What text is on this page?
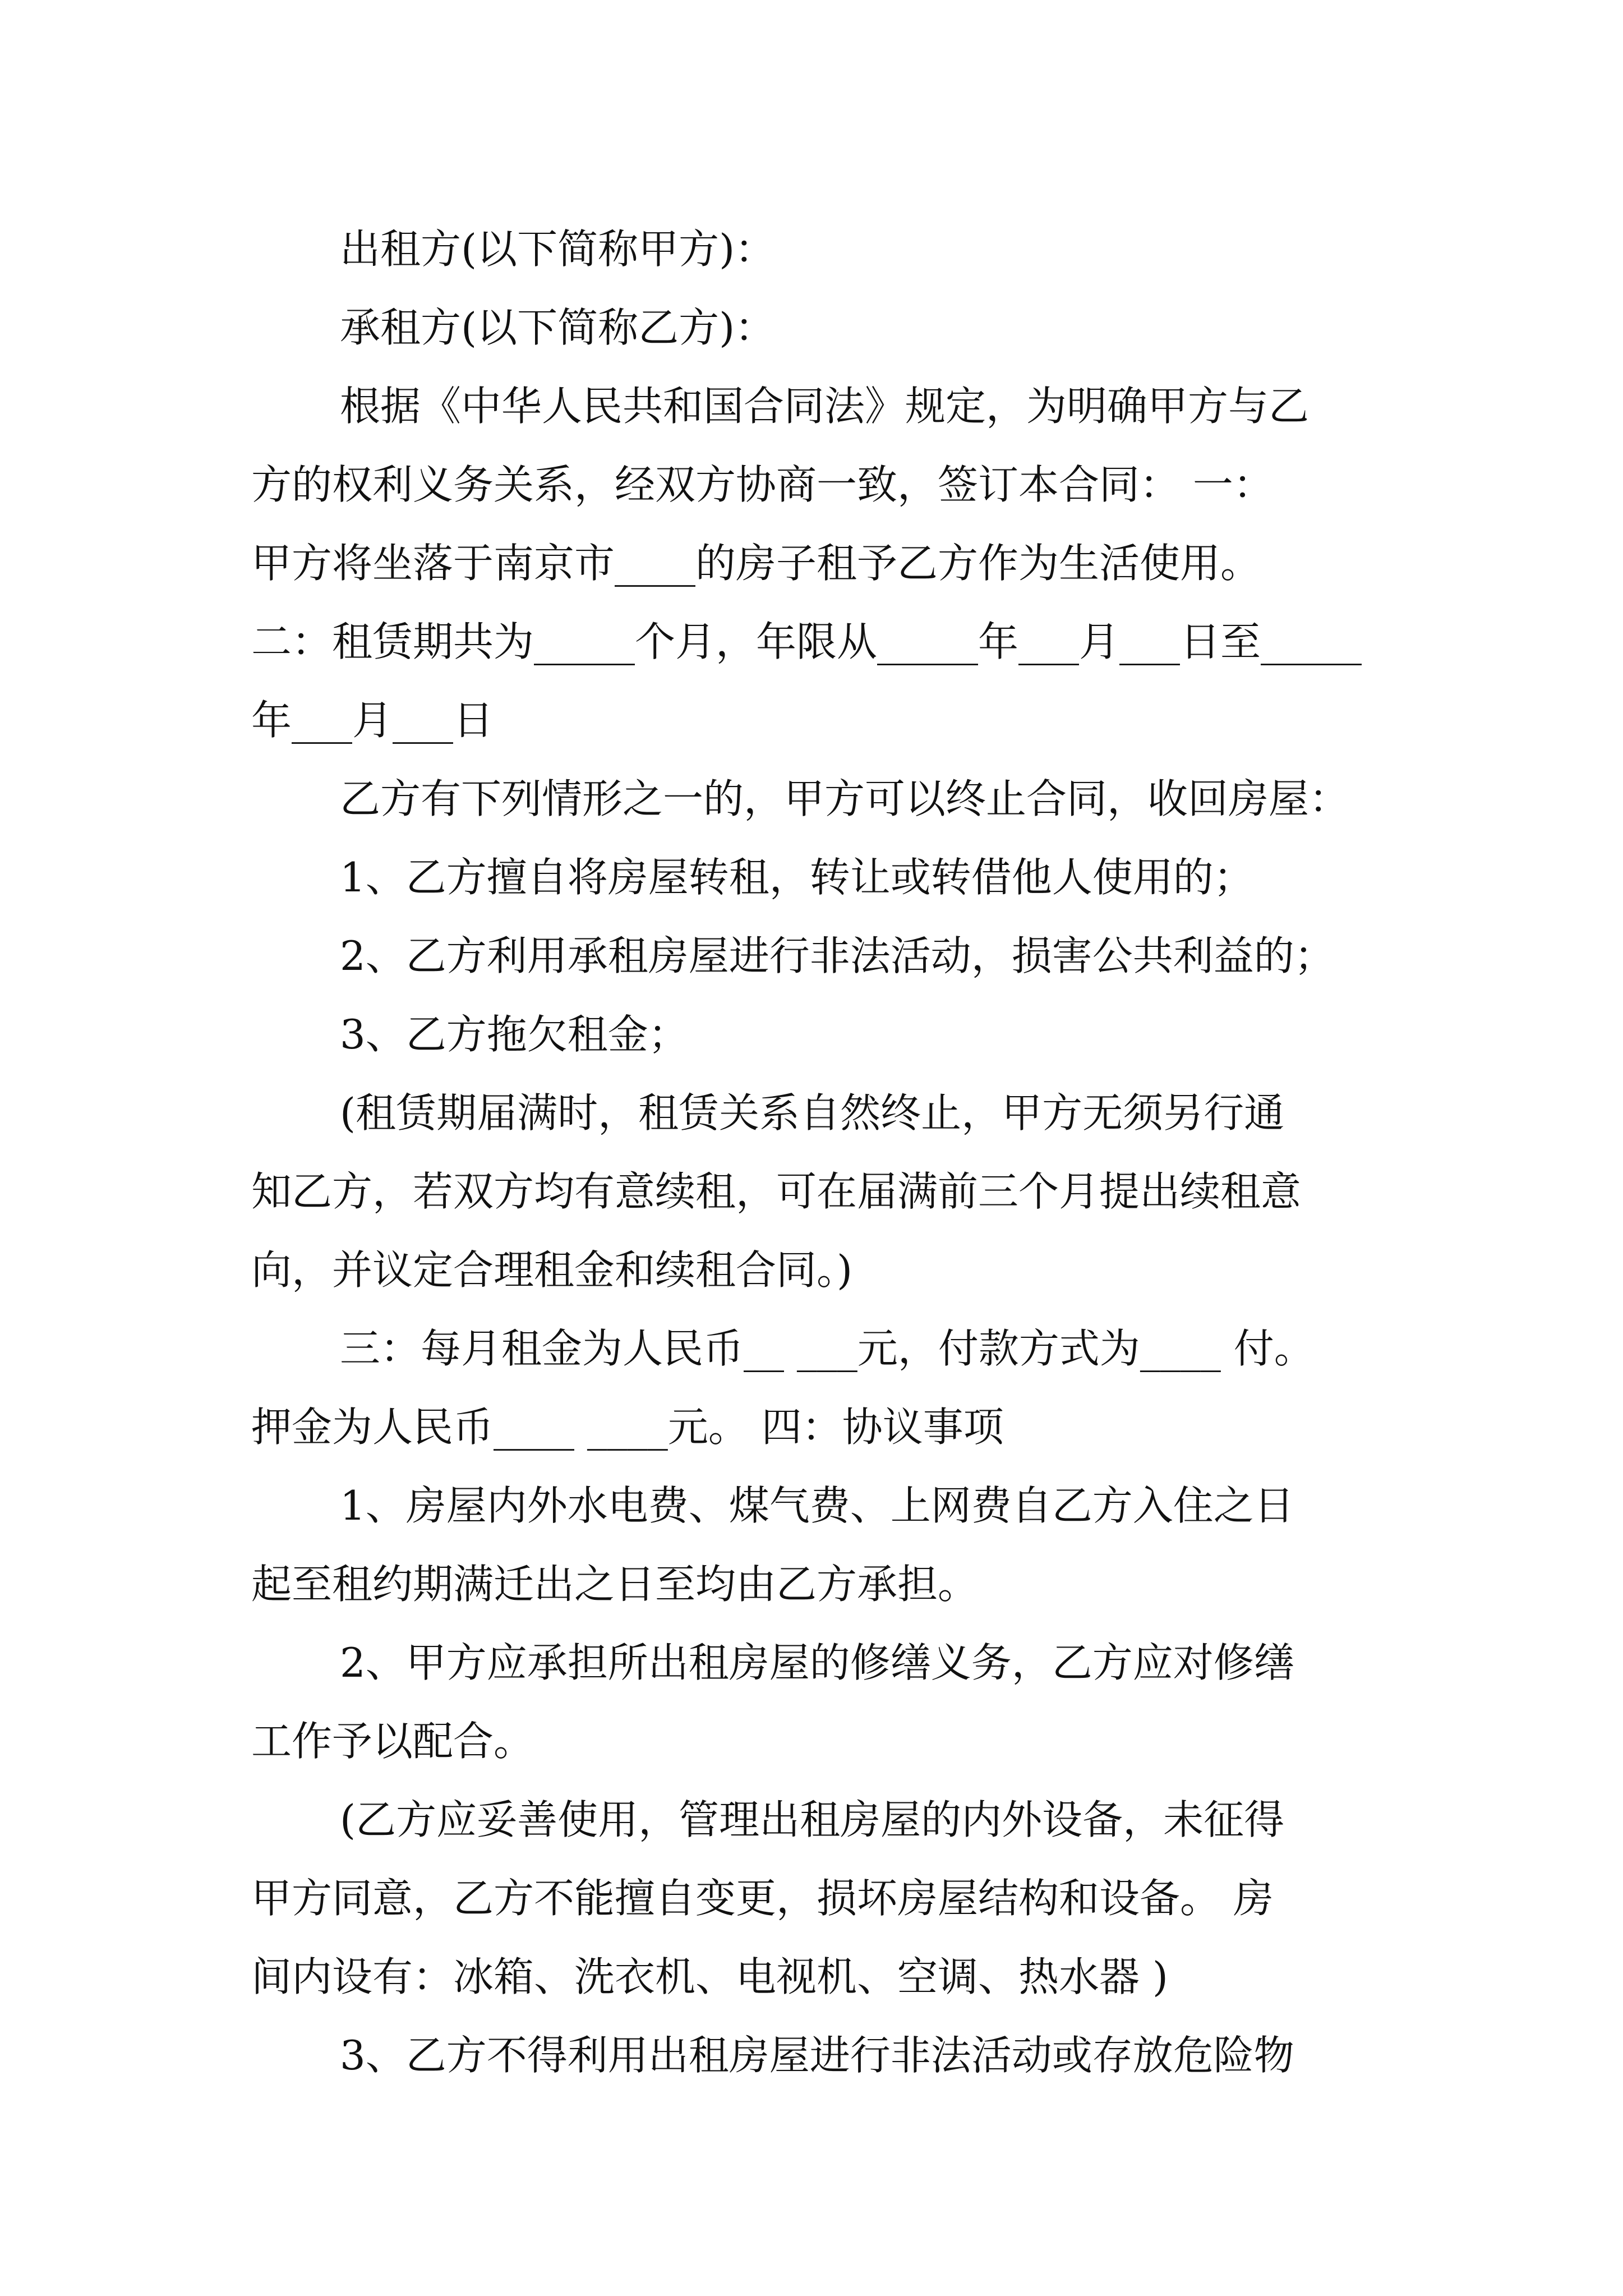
出租方(以下简称甲方)：
承租方(以下简称乙方)：
根据《中华人民共和国合同法》规定，为明确甲方与乙
方的权利义务关系，经双方协商一致，签订本合同： 一：
甲方将坐落于南京市____的房子租予乙方作为生活使用。
二：租赁期共为_____个月，年限从_____年___月___日至_____
年___月___日
乙方有下列情形之一的，甲方可以终止合同，收回房屋：
1、乙方擅自将房屋转租，转让或转借他人使用的；
2、乙方利用承租房屋进行非法活动，损害公共利益的；
3、乙方拖欠租金；
(租赁期届满时，租赁关系自然终止，甲方无须另行通
知乙方，若双方均有意续租，可在届满前三个月提出续租意
向，并议定合理租金和续租合同。)
三：每月租金为人民币__ ___元，付款方式为____ 付。
押金为人民币____ ____元。 四：协议事项
1、房屋内外水电费、煤气费、上网费自乙方入住之日
起至租约期满迁出之日至均由乙方承担。
2、甲方应承担所出租房屋的修缮义务，乙方应对修缮
工作予以配合。
(乙方应妥善使用，管理出租房屋的内外设备，未征得
甲方同意，乙方不能擅自变更，损坏房屋结构和设备。 房
间内设有：冰箱、洗衣机、电视机、空调、热水器 )
3、乙方不得利用出租房屋进行非法活动或存放危险物
